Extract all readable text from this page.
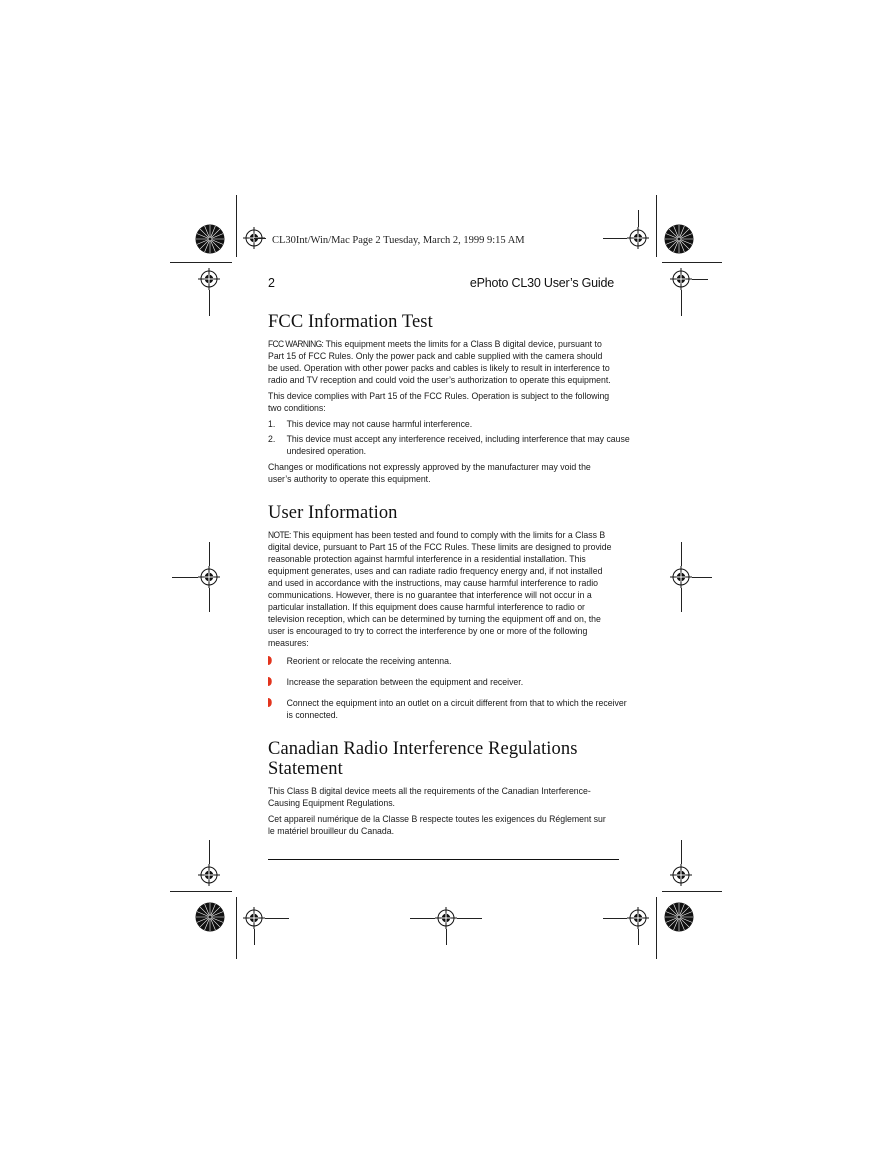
CL30Int/Win/Mac Page 2 Tuesday, March 2, 1999 9:15 AM
2	ePhoto CL30 User’s Guide
FCC Information Test

FCC WARNING: This equipment meets the limits for a Class B digital device, pursuant to Part 15 of FCC Rules. Only the power pack and cable supplied with the camera should be used. Operation with other power packs and cables is likely to result in interference to radio and TV reception and could void the user’s authorization to operate this equipment.

This device complies with Part 15 of the FCC Rules. Operation is subject to the following two conditions:

1. This device may not cause harmful interference.
2. This device must accept any interference received, including interference that may cause undesired operation.

Changes or modifications not expressly approved by the manufacturer may void the user’s authority to operate this equipment.

User Information

NOTE: This equipment has been tested and found to comply with the limits for a Class B digital device, pursuant to Part 15 of the FCC Rules. These limits are designed to provide reasonable protection against harmful interference in a residential installation. This equipment generates, uses and can radiate radio frequency energy and, if not installed and used in accordance with the instructions, may cause harmful interference to radio communications. However, there is no guarantee that interference will not occur in a particular installation. If this equipment does cause harmful interference to radio or television reception, which can be determined by turning the equipment off and on, the user is encouraged to try to correct the interference by one or more of the following measures:

Reorient or relocate the receiving antenna.
Increase the separation between the equipment and receiver.
Connect the equipment into an outlet on a circuit different from that to which the receiver is connected.
Canadian Radio Interference Regulations Statement

This Class B digital device meets all the requirements of the Canadian Interference-Causing Equipment Regulations.

Cet appareil numérique de la Classe B respecte toutes les exigences du Réglement sur le matériel brouilleur du Canada.
